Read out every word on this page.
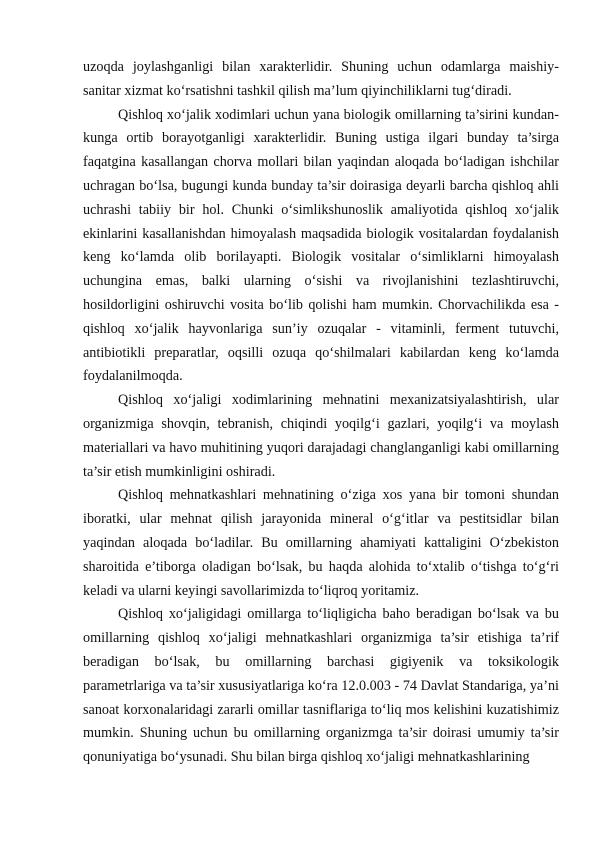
uzoqda joylashganligi bilan xarakterlidir. Shuning uchun odamlarga maishiy-sanitar xizmat ko‘rsatishni tashkil qilish ma’lum qiyinchiliklarni tug‘diradi.

Qishloq xo‘jalik xodimlari uchun yana biologik omillarning ta’sirini kundan-kunga ortib borayotganligi xarakterlidir. Buning ustiga ilgari bunday ta’sirga faqatgina kasallangan chorva mollari bilan yaqindan aloqada bo‘ladigan ishchilar uchragan bo‘lsa, bugungi kunda bunday ta’sir doirasiga deyarli barcha qishloq ahli uchrashi tabiiy bir hol. Chunki o‘simlikshunoslik amaliyotida qishloq xo‘jalik ekinlarini kasallanishdan himoyalash maqsadida biologik vositalardan foydalanish keng ko‘lamda olib borilayapti. Biologik vositalar o‘simliklarni himoyalash uchungina emas, balki ularning o‘sishi va rivojlanishini tezlashtiruvchi, hosildorligini oshiruvchi vosita bo‘lib qolishi ham mumkin. Chorvachilikda esa - qishloq xo‘jalik hayvonlariga sun’iy ozuqalar - vitaminli, ferment tutuvchi, antibiotikli preparatlar, oqsilli ozuqa qo‘shilmalari kabilardan keng ko‘lamda foydalanilmoqda.

Qishloq xo‘jaligi xodimlarining mehnatini mexanizatsiyalashtirish, ular organizmiga shovqin, tebranish, chiqindi yoqilg‘i gazlari, yoqilg‘i va moylash materiallari va havo muhitining yuqori darajadagi changlanganligi kabi omillarning ta’sir etish mumkinligini oshiradi.

Qishloq mehnatkashlari mehnatining o‘ziga xos yana bir tomoni shundan iboratki, ular mehnat qilish jarayonida mineral o‘g‘itlar va pestitsidlar bilan yaqindan aloqada bo‘ladilar. Bu omillarning ahamiyati kattaligini O‘zbekiston sharoitida e’tiborga oladigan bo‘lsak, bu haqda alohida to‘xtalib o‘tishga to‘g‘ri keladi va ularni keyingi savollarimizda to‘liqroq yoritamiz.

Qishloq xo‘jaligidagi omillarga to‘liqligicha baho beradigan bo‘lsak va bu omillarning qishloq xo‘jaligi mehnatkashlari organizmiga ta’sir etishiga ta’rif beradigan bo‘lsak, bu omillarning barchasi gigiyenik va toksikologik parametrlariga va ta’sir xususiyatlariga ko‘ra 12.0.003 - 74 Davlat Standariga, ya’ni sanoat korxonalaridagi zararli omillar tasniflariga to‘liq mos kelishini kuzatishimiz mumkin. Shuning uchun bu omillarning organizmga ta’sir doirasi umumiy ta’sir qonuniyatiga bo‘ysunadi. Shu bilan birga qishloq xo‘jaligi mehnatkashlarining
